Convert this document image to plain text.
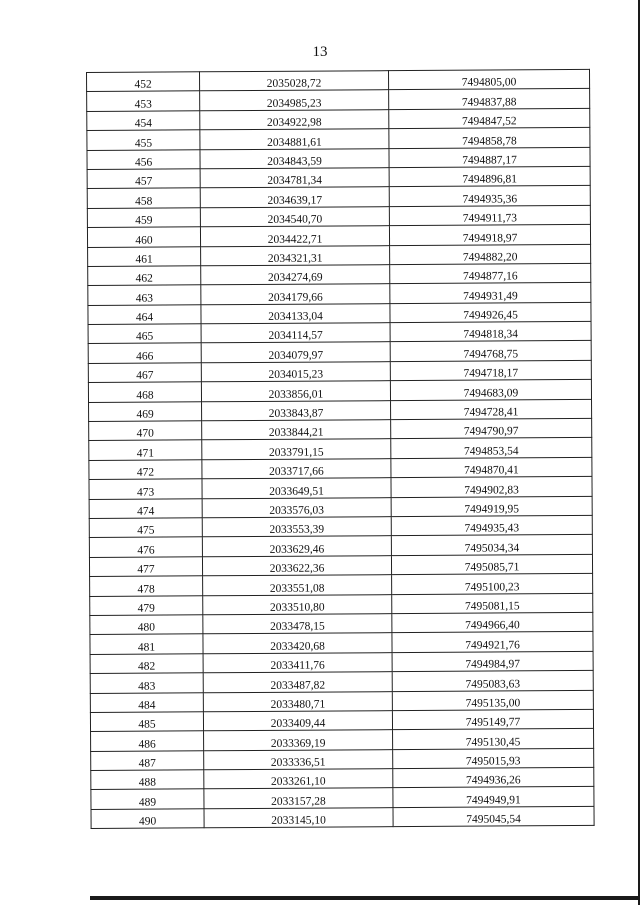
13
452	2035028,72	7494805,00
453	2034985,23	7494837,88
454	2034922,98	7494847,52
455	2034881,61	7494858,78
456	2034843,59	7494887,17
457	2034781,34	7494896,81
458	2034639,17	7494935,36
459	2034540,70	7494911,73
460	2034422,71	7494918,97
461	2034321,31	7494882,20
462	2034274,69	7494877,16
463	2034179,66	7494931,49
464	2034133,04	7494926,45
465	2034114,57	7494818,34
466	2034079,97	7494768,75
467	2034015,23	7494718,17
468	2033856,01	7494683,09
469	2033843,87	7494728,41
470	2033844,21	7494790,97
471	2033791,15	7494853,54
472	2033717,66	7494870,41
473	2033649,51	7494902,83
474	2033576,03	7494919,95
475	2033553,39	7494935,43
476	2033629,46	7495034,34
477	2033622,36	7495085,71
478	2033551,08	7495100,23
479	2033510,80	7495081,15
480	2033478,15	7494966,40
481	2033420,68	7494921,76
482	2033411,76	7494984,97
483	2033487,82	7495083,63
484	2033480,71	7495135,00
485	2033409,44	7495149,77
486	2033369,19	7495130,45
487	2033336,51	7495015,93
488	2033261,10	7494936,26
489	2033157,28	7494949,91
490	2033145,10	7495045,54
